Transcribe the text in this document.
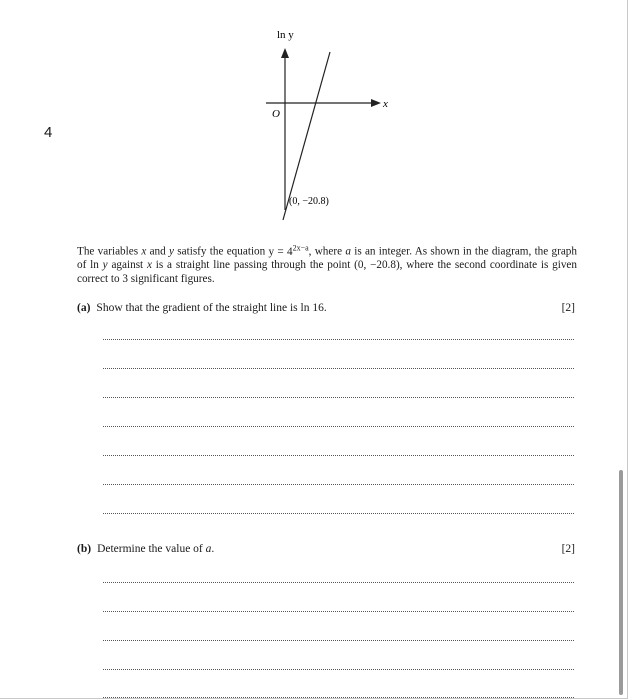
4
ln y
x
O
(0, −20.8)
The variables x and y satisfy the equation $y = 4^{2x-a}$, where a is an integer. As shown in the diagram, the graph of ln y against x is a straight line passing through the point (0, −20.8), where the second coordinate is given correct to 3 significant figures.
(a) Show that the gradient of the straight line is ln 16.	[2]
(b) Determine the value of a.	[2]
